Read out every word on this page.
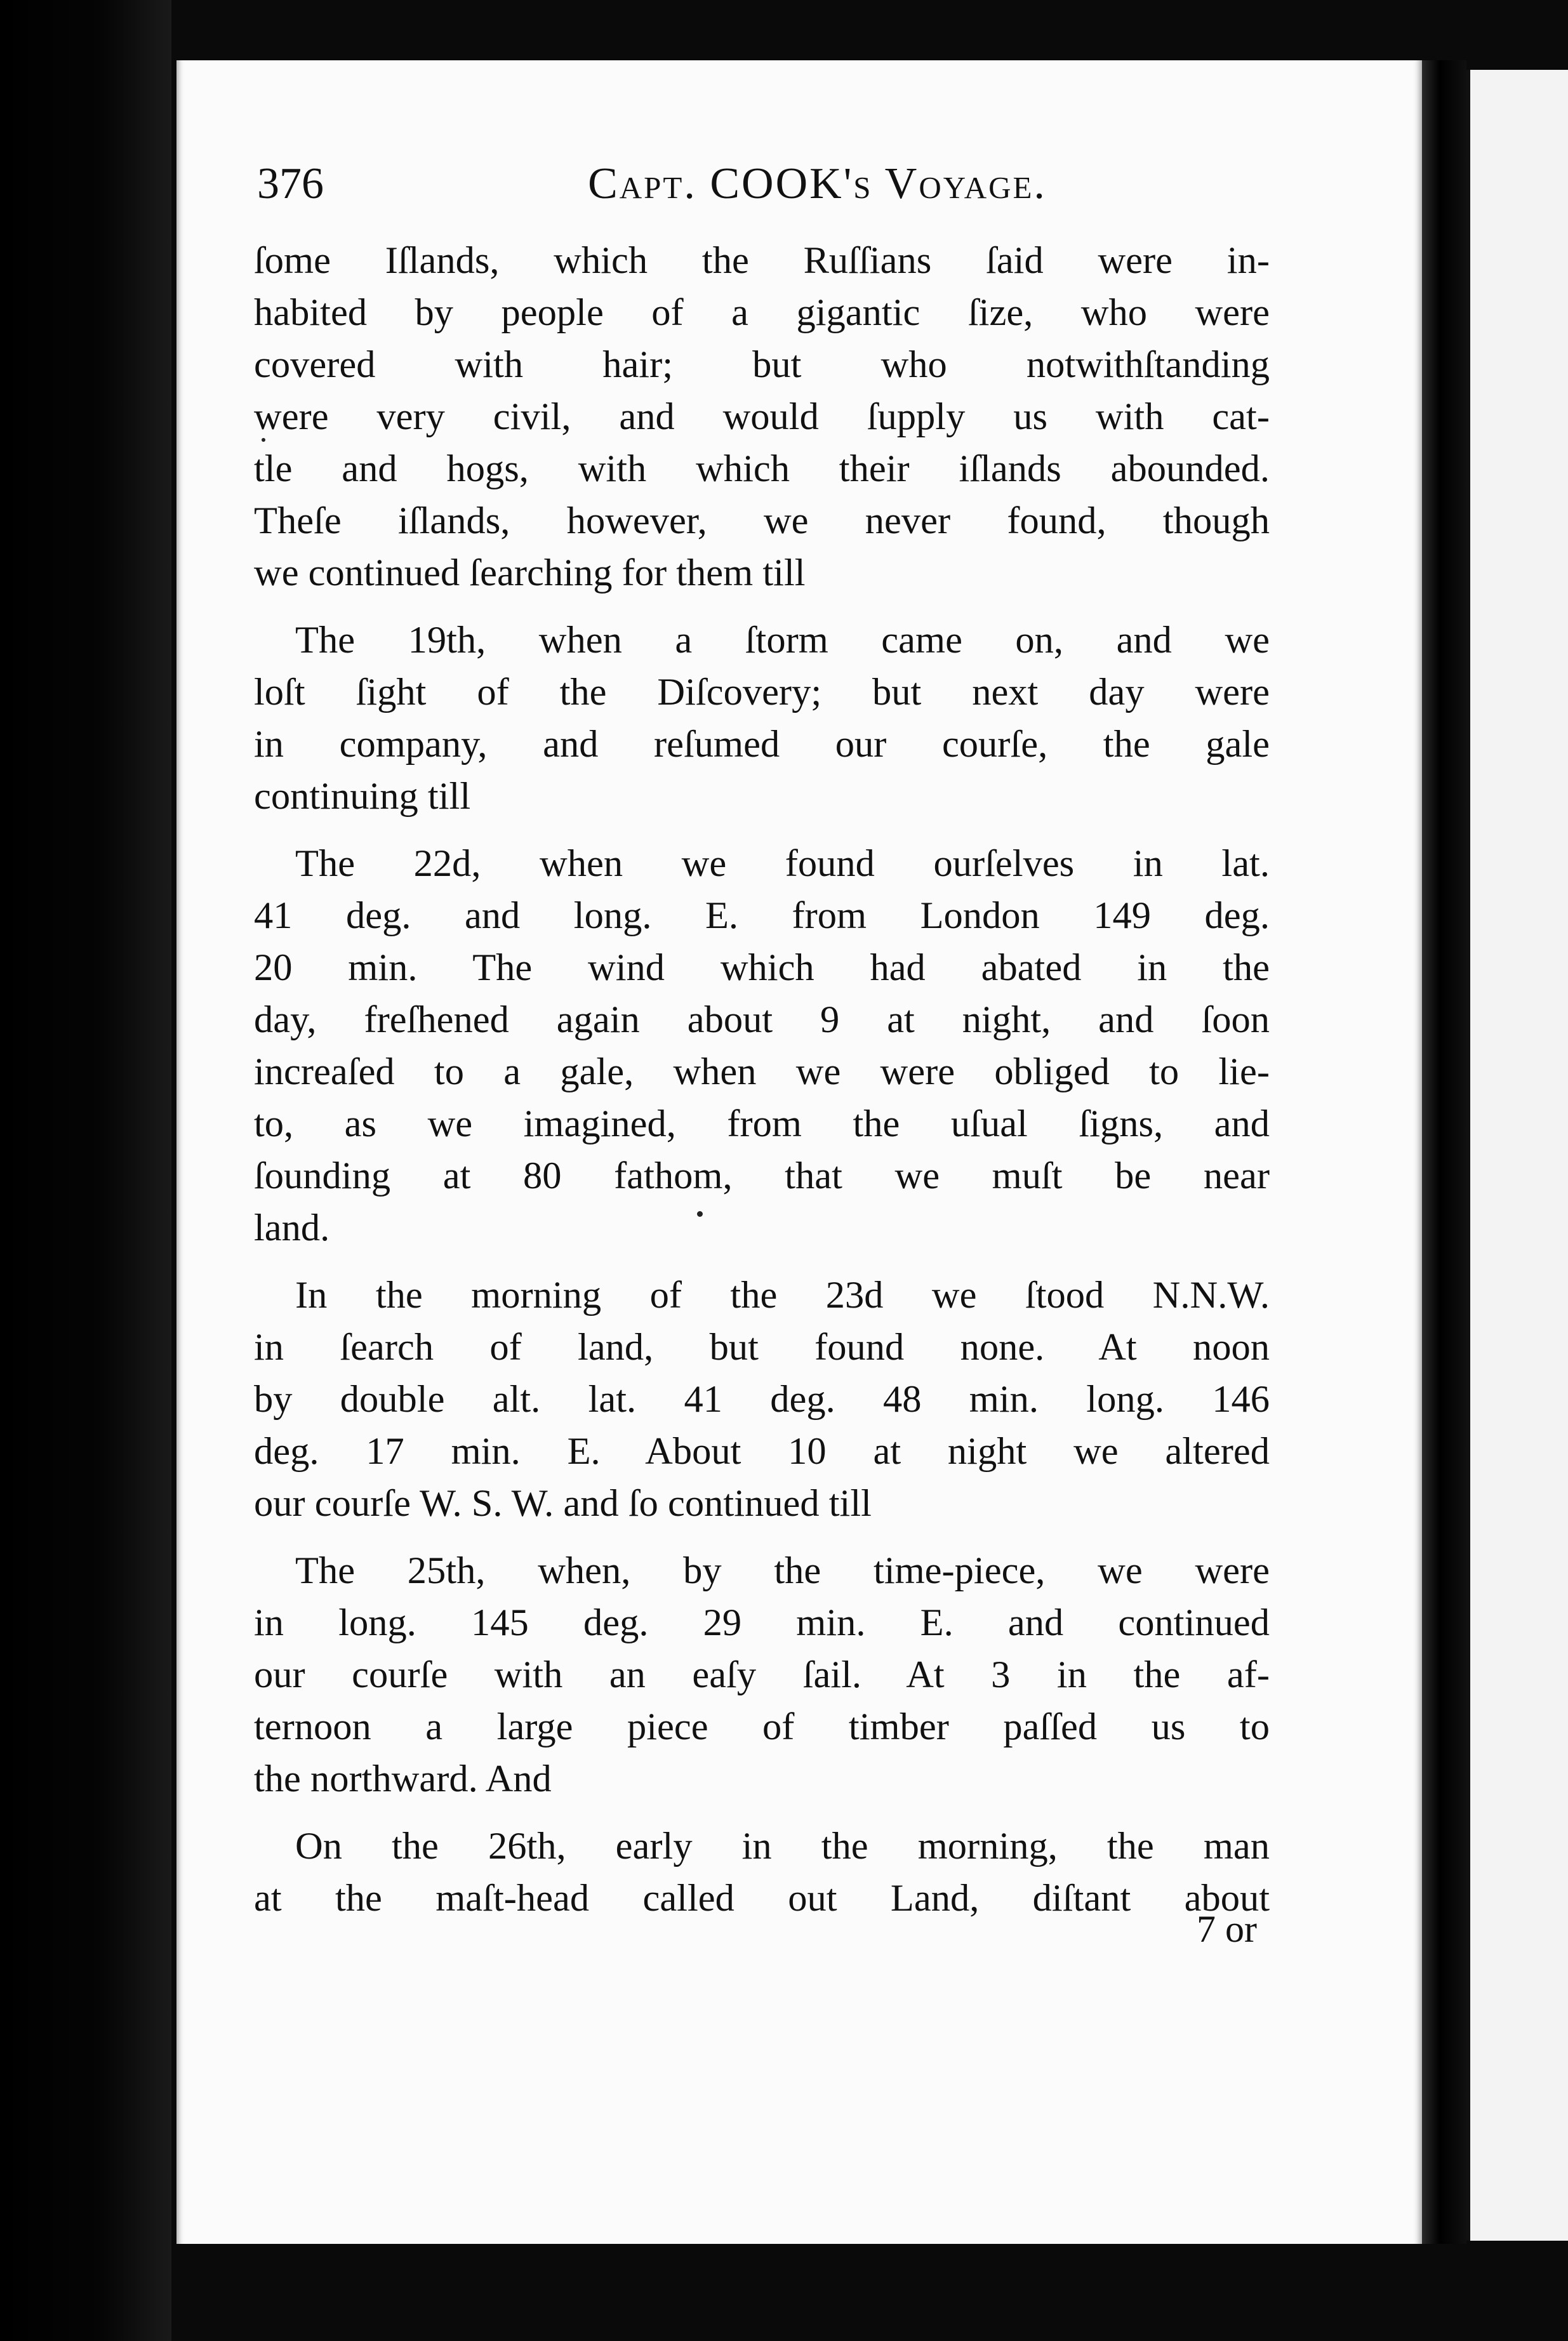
376	Capt. COOK's Voyage.
ſome Iſlands, which the Ruſſians ſaid were in-
habited by people of a gigantic ſize, who were
covered with hair; but who notwithſtanding
were very civil, and would ſupply us with cat-
tle and hogs, with which their iſlands abounded.
Theſe iſlands, however, we never found, though
we continued ſearching for them till
The 19th, when a ſtorm came on, and we
loſt ſight of the Diſcovery; but next day were
in company, and reſumed our courſe, the gale
continuing till
The 22d, when we found ourſelves in lat.
41 deg. and long. E. from London 149 deg.
20 min. The wind which had abated in the
day, freſhened again about 9 at night, and ſoon
increaſed to a gale, when we were obliged to lie-
to, as we imagined, from the uſual ſigns, and
ſounding at 80 fathom, that we muſt be near
land.
In the morning of the 23d we ſtood N.N.W.
in ſearch of land, but found none. At noon
by double alt. lat. 41 deg. 48 min. long. 146
deg. 17 min. E. About 10 at night we altered
our courſe W. S. W. and ſo continued till
The 25th, when, by the time-piece, we were
in long. 145 deg. 29 min. E. and continued
our courſe with an eaſy ſail. At 3 in the af-
ternoon a large piece of timber paſſed us to
the northward. And
On the 26th, early in the morning, the man
at the maſt-head called out Land, diſtant about
7 or
